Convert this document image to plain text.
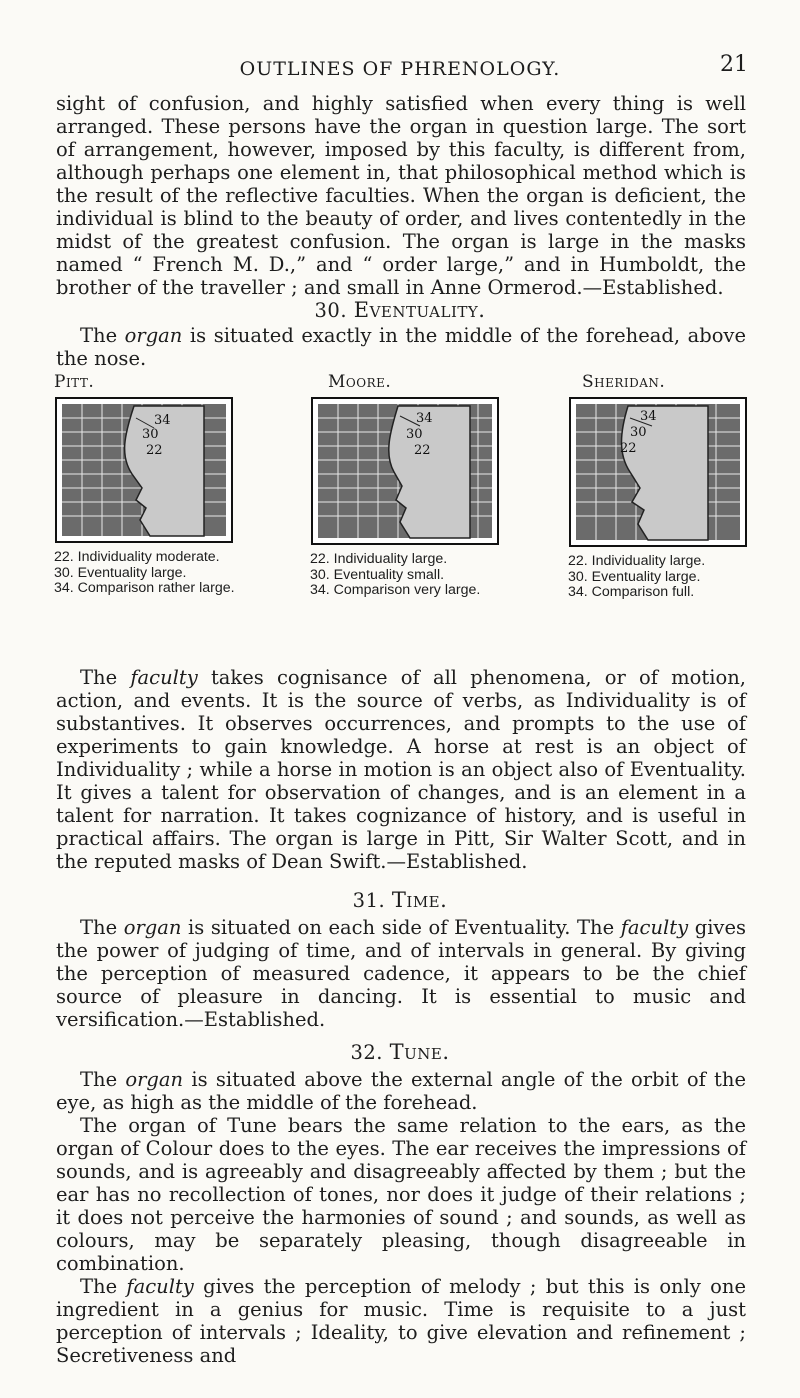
OUTLINES OF PHRENOLOGY.	21

sight of confusion, and highly satisfied when every thing is well arranged. These persons have the organ in question large. The sort of arrangement, however, imposed by this faculty, is different from, although perhaps one element in, that philosophical method which is the result of the reflective faculties. When the organ is deficient, the individual is blind to the beauty of order, and lives contentedly in the midst of the greatest confusion. The organ is large in the masks named “ French M. D.,” and “ order large,” and in Humboldt, the brother of the traveller ; and small in Anne Ormerod.—Established.

30. Eventuality.

The organ is situated exactly in the middle of the forehead, above the nose.

Pitt.
34
30
22
22. Individuality moderate.
30. Eventuality large.
34. Comparison rather large.
Moore.
34
30
22
22. Individuality large.
30. Eventuality small.
34. Comparison very large.
Sheridan.
34
30
22
22. Individuality large.
30. Eventuality large.
34. Comparison full.

The faculty takes cognisance of all phenomena, or of motion, action, and events. It is the source of verbs, as Individuality is of substantives. It observes occurrences, and prompts to the use of experiments to gain knowledge. A horse at rest is an object of Individuality ; while a horse in motion is an object also of Eventuality. It gives a talent for observation of changes, and is an element in a talent for narration. It takes cognizance of history, and is useful in practical affairs. The organ is large in Pitt, Sir Walter Scott, and in the reputed masks of Dean Swift.—Established.

31. Time.

The organ is situated on each side of Eventuality. The faculty gives the power of judging of time, and of intervals in general. By giving the perception of measured cadence, it appears to be the chief source of pleasure in dancing. It is essential to music and versification.—Established.

32. Tune.

The organ is situated above the external angle of the orbit of the eye, as high as the middle of the forehead.

The organ of Tune bears the same relation to the ears, as the organ of Colour does to the eyes. The ear receives the impressions of sounds, and is agreeably and disagreeably affected by them ; but the ear has no recollection of tones, nor does it judge of their relations ; it does not perceive the harmonies of sound ; and sounds, as well as colours, may be separately pleasing, though disagreeable in combination.

The faculty gives the perception of melody ; but this is only one ingredient in a genius for music. Time is requisite to a just perception of intervals ; Ideality, to give elevation and refinement ; Secretiveness and
